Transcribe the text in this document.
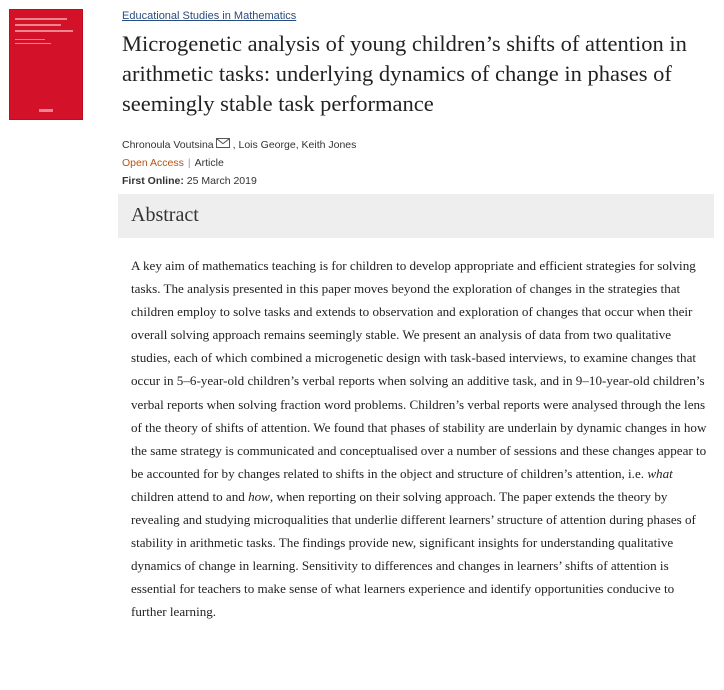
Educational Studies in Mathematics
Microgenetic analysis of young children’s shifts of attention in arithmetic tasks: underlying dynamics of change in phases of seemingly stable task performance
Chronoula Voutsina , Lois George, Keith Jones
Open Access | Article
First Online: 25 March 2019
Abstract

A key aim of mathematics teaching is for children to develop appropriate and efficient strategies for solving tasks. The analysis presented in this paper moves beyond the exploration of changes in the strategies that children employ to solve tasks and extends to observation and exploration of changes that occur when their overall solving approach remains seemingly stable. We present an analysis of data from two qualitative studies, each of which combined a microgenetic design with task-based interviews, to examine changes that occur in 5–6-year-old children’s verbal reports when solving an additive task, and in 9–10-year-old children’s verbal reports when solving fraction word problems. Children’s verbal reports were analysed through the lens of the theory of shifts of attention. We found that phases of stability are underlain by dynamic changes in how the same strategy is communicated and conceptualised over a number of sessions and these changes appear to be accounted for by changes related to shifts in the object and structure of children’s attention, i.e. what children attend to and how, when reporting on their solving approach. The paper extends the theory by revealing and studying microqualities that underlie different learners’ structure of attention during phases of stability in arithmetic tasks. The findings provide new, significant insights for understanding qualitative dynamics of change in learning. Sensitivity to differences and changes in learners’ shifts of attention is essential for teachers to make sense of what learners experience and identify opportunities conducive to further learning.
